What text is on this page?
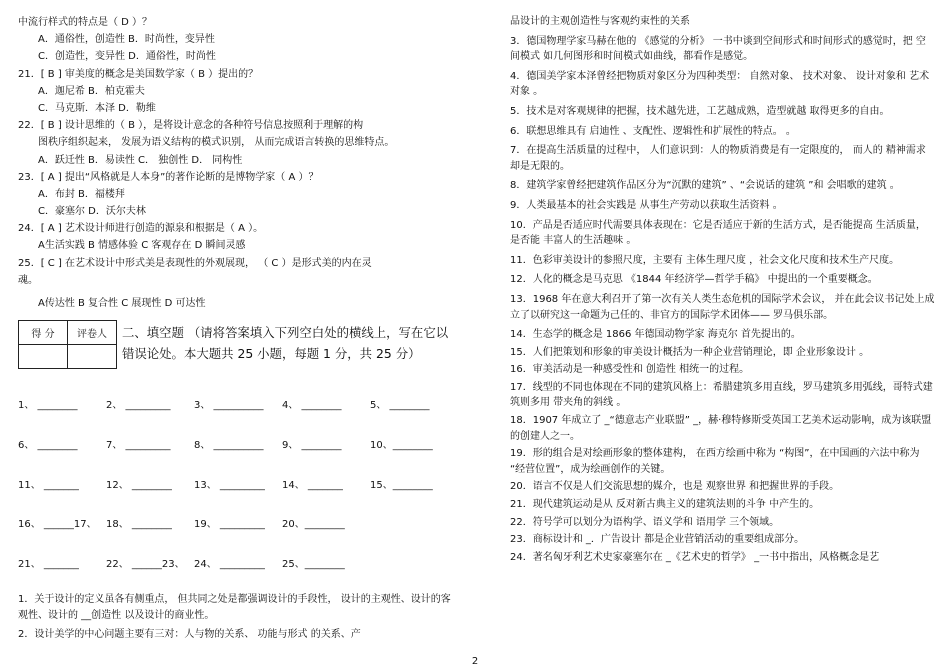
中流行样式的特点是（ D ）？
A．通俗性，创造性 B．时尚性，变异性
C．创造性，变异性 D．通俗性，时尚性
21．[ B ] 审美度的概念是美国数学家（ B ）提出的？
A．迦尼希 B．柏克霍夫
C．马克斯．本泽 D．勒维
22．[ B ] 设计思维的（ B ），是将设计意念的各种符号信息按照利于理解的构
图秩序组织起来， 发展为语义结构的模式识别， 从而完成语言转换的思维特点。
A．跃迁性 B．易读性 C． 独创性 D． 同构性
23．[ A ] 提出“风格就是人本身”的著作论断的是博物学家（ A ）？
A．布封 B．福楼拜
C．豪塞尔 D．沃尔夫林
24．[ A ] 艺术设计师进行创造的源泉和根据是（ A ）。
A生活实践 B 情感体验 C 客观存在 D 瞬间灵感
25．[ C ] 在艺术设计中形式美是表现性的外观展现， （ C ）是形式美的内在灵
魂。
A传达性 B 复合性 C 展现性 D 可达性
得 分	评卷人
	二、填空题 （请将答案填入下列空白处的横线上，写在它以错误论处。本大题共 25 小题，每题 1 分，共 25 分）
1、 ________	2、 _________	3、 __________	4、 ________	5、 ________
6、 ________	7、 _________	8、 __________	9、 ________	10、________
11、 _______	12、 ________	13、 _________	14、 _______	15、________
16、 ______17、 18、 ________	19、 _________	20、________
21、 _______	22、 ______23、 24、 _________	25、________
1．关于设计的定义虽各有侧重点， 但共同之处是都强调设计的手段性， 设计的主观性、设计的客观性、设计的 __创造性 以及设计的商业性。
2．设计美学的中心问题主要有三对：人与物的关系、 功能与形式 的关系、产
品设计的主观创造性与客观约束性的关系
3．德国物理学家马赫在他的 《感觉的分析》 一书中谈到空间形式和时间形式的感觉时，把 空间模式 如几何图形和时间模式如曲线，都看作是感觉。
4．德国美学家本泽曾经把物质对象区分为四种类型： 自然对象、 技术对象、 设计对象和 艺术对象 。
5．技术是对客观规律的把握，技术越先进，工艺越成熟，造型就越 取得更多的自由。
6．联想思维具有 启迪性 、支配性、逻辑性和扩展性的特点。 。
7．在提高生活质量的过程中， 人们意识到：人的物质消费是有一定限度的， 而人的 精神需求 却是无限的。
8．建筑学家曾经把建筑作品区分为“沉默的建筑” 、“会说话的建筑 ”和 会唱歌的建筑 。
9．人类最基本的社会实践是 从事生产劳动以获取生活资料 。
10．产品是否适应时代需要具体表现在：它是否适应于新的生活方式，是否能提高 生活质量，是否能 丰富人的生活趣味 。
11．色彩审美设计的参照尺度，主要有 主体生理尺度 ，社会文化尺度和技术生产尺度。
12．人化的概念是马克思 《1844 年经济学—哲学手稿》 中提出的一个重要概念。
13．1968 年在意大利召开了第一次有关人类生态危机的国际学术会议， 并在此会议书记处上成立了以研究这一命题为己任的、非官方的国际学术团体—— 罗马俱乐部。
14．生态学的概念是 1866 年德国动物学家 海克尔 首先提出的。
15．人们把策划和形象的审美设计概括为一种企业营销理论，即 企业形象设计 。
16．审美活动是一种感受性和 创造性 相统一的过程。
17．线型的不同也体现在不同的建筑风格上：希腊建筑多用直线，罗马建筑多用弧线，哥特式建筑则多用 带夹角的斜线 。
18．1907 年成立了 _“德意志产业联盟” _，赫·穆特修斯受英国工艺美术运动影响，成为该联盟的创建人之一。
19．形的组合是对绘画形象的整体建构， 在西方绘画中称为 “构图”，在中国画的六法中称为 “经营位置”，成为绘画创作的关键。
20．语言不仅是人们交流思想的媒介，也是 观察世界 和把握世界的手段。
21．现代建筑运动是从 反对新古典主义的建筑法则的斗争 中产生的。
22．符号学可以划分为语构学、语义学和 语用学 三个领域。
23．商标设计和 _．广告设计 都是企业营销活动的重要组成部分。
24．著名匈牙利艺术史家豪塞尔在 _《艺术史的哲学》 _一书中指出，风格概念是艺
2
